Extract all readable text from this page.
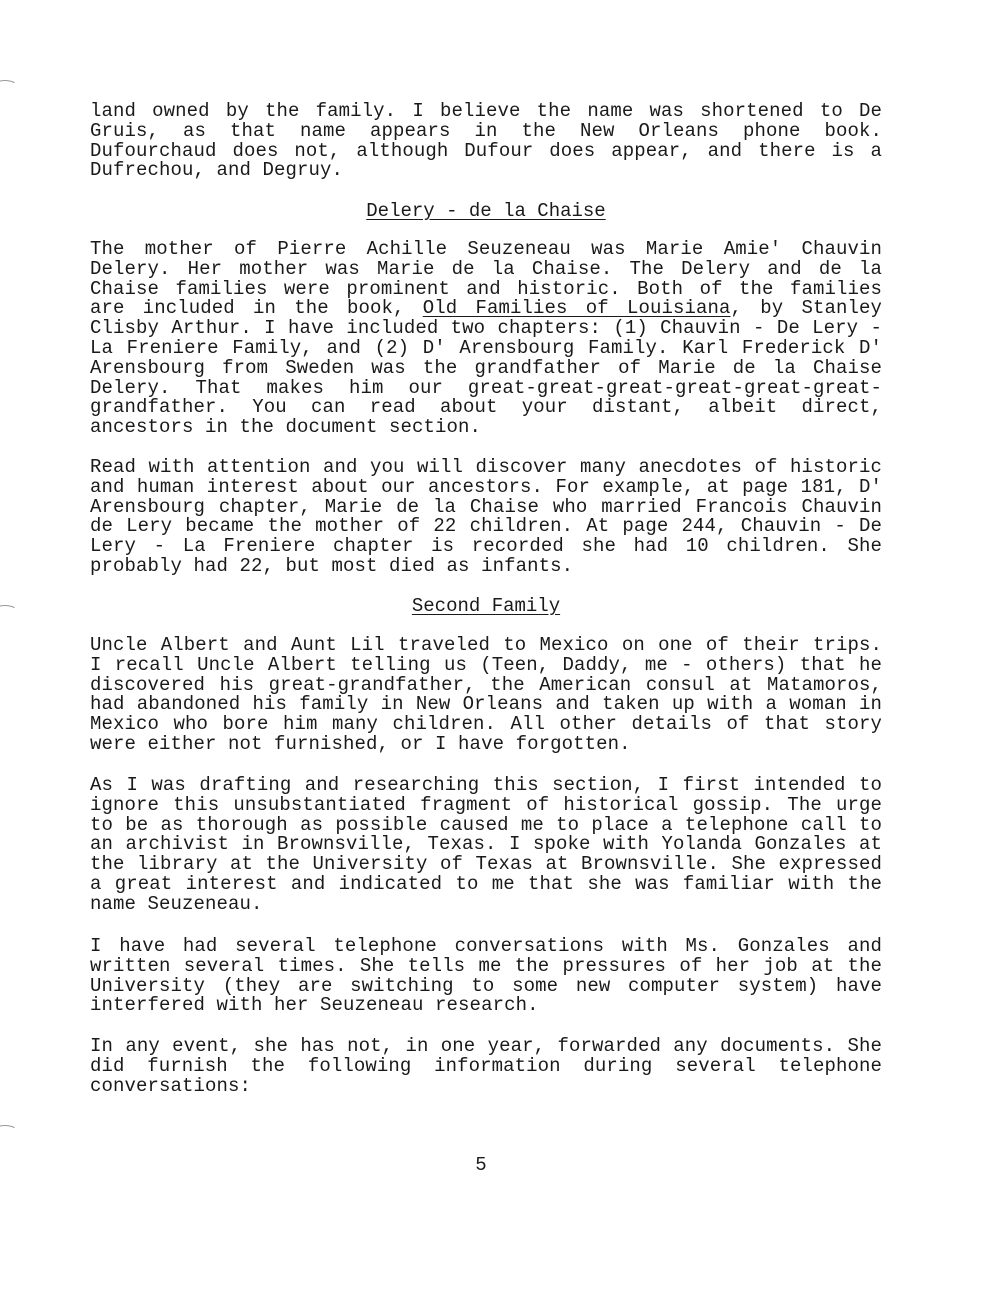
land owned by the family. I believe the name was shortened to De Gruis, as that name appears in the New Orleans phone book. Dufourchaud does not, although Dufour does appear, and there is a Dufrechou, and Degruy.

Delery - de la Chaise

The mother of Pierre Achille Seuzeneau was Marie Amie′ Chauvin Delery. Her mother was Marie de la Chaise. The Delery and de la Chaise families were prominent and historic. Both of the families are included in the book, Old Families of Louisiana, by Stanley Clisby Arthur. I have included two chapters: (1) Chauvin - De Lery - La Freniere Family, and (2) D′ Arensbourg Family. Karl Frederick D′ Arensbourg from Sweden was the grandfather of Marie de la Chaise Delery. That makes him our great-great-great-great-great-great-grandfather. You can read about your distant, albeit direct, ancestors in the document section.

Read with attention and you will discover many anecdotes of historic and human interest about our ancestors. For example, at page 181, D′ Arensbourg chapter, Marie de la Chaise who married Francois Chauvin de Lery became the mother of 22 children. At page 244, Chauvin - De Lery - La Freniere chapter is recorded she had 10 children. She probably had 22, but most died as infants.

Second Family

Uncle Albert and Aunt Lil traveled to Mexico on one of their trips. I recall Uncle Albert telling us (Teen, Daddy, me - others) that he discovered his great-grandfather, the American consul at Matamoros, had abandoned his family in New Orleans and taken up with a woman in Mexico who bore him many children. All other details of that story were either not furnished, or I have forgotten.

As I was drafting and researching this section, I first intended to ignore this unsubstantiated fragment of historical gossip. The urge to be as thorough as possible caused me to place a telephone call to an archivist in Brownsville, Texas. I spoke with Yolanda Gonzales at the library at the University of Texas at Brownsville. She expressed a great interest and indicated to me that she was familiar with the name Seuzeneau.

I have had several telephone conversations with Ms. Gonzales and written several times. She tells me the pressures of her job at the University (they are switching to some new computer system) have interfered with her Seuzeneau research.

In any event, she has not, in one year, forwarded any documents. She did furnish the following information during several telephone conversations:

5
